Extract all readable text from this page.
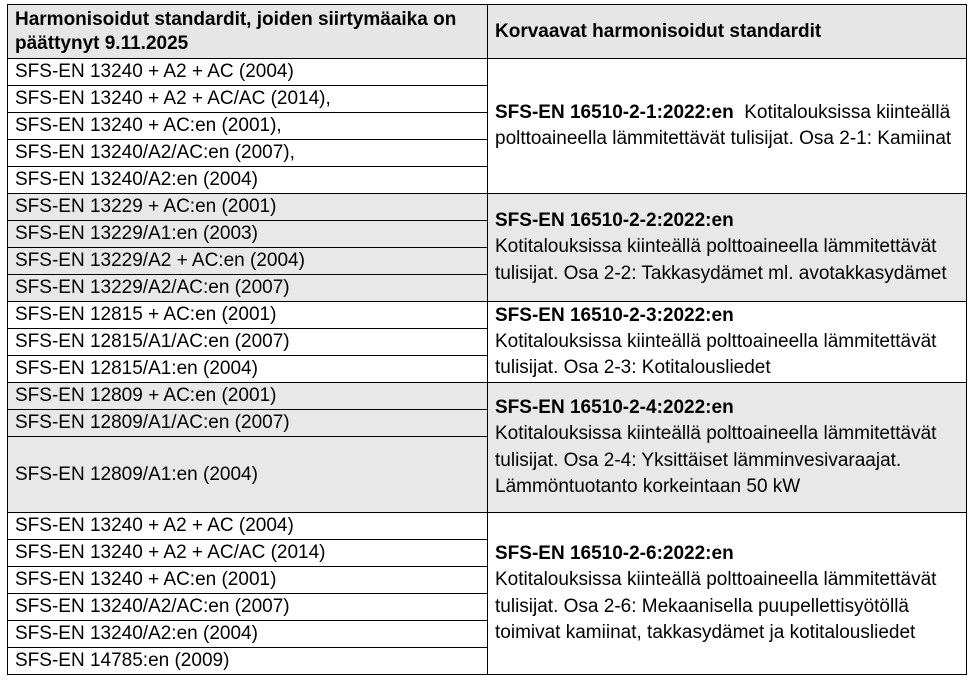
Harmonisoidut standardit, joiden siirtymäaika on päättynyt 9.11.2025	Korvaavat harmonisoidut standardit
SFS-EN 13240 + A2 + AC (2004)	SFS-EN 16510-2-1:2022:en Kotitalouksissa kiinteällä polttoaineella lämmitettävät tulisijat. Osa 2-1: Kamiinat
SFS-EN 13240 + A2 + AC/AC (2014),	
SFS-EN 13240 + AC:en (2001),	
SFS-EN 13240/A2/AC:en (2007),	
SFS-EN 13240/A2:en (2004)	
SFS-EN 13229 + AC:en (2001)	SFS-EN 16510-2-2:2022:en
Kotitalouksissa kiinteällä polttoaineella lämmitettävät tulisijat. Osa 2-2: Takkasydämet ml. avotakkasydämet
SFS-EN 13229/A1:en (2003)	
SFS-EN 13229/A2 + AC:en (2004)	
SFS-EN 13229/A2/AC:en (2007)	
SFS-EN 12815 + AC:en (2001)	SFS-EN 16510-2-3:2022:en
Kotitalouksissa kiinteällä polttoaineella lämmitettävät tulisijat. Osa 2-3: Kotitalousliedet
SFS-EN 12815/A1/AC:en (2007)	
SFS-EN 12815/A1:en (2004)	
SFS-EN 12809 + AC:en (2001)	SFS-EN 16510-2-4:2022:en
Kotitalouksissa kiinteällä polttoaineella lämmitettävät tulisijat. Osa 2-4: Yksittäiset lämminvesivaraajat. Lämmöntuotanto korkeintaan 50 kW
SFS-EN 12809/A1/AC:en (2007)	
SFS-EN 12809/A1:en (2004)	
SFS-EN 13240 + A2 + AC (2004)	SFS-EN 16510-2-6:2022:en
Kotitalouksissa kiinteällä polttoaineella lämmitettävät tulisijat. Osa 2-6: Mekaanisella puupellettisyötöllä toimivat kamiinat, takkasydämet ja kotitalousliedet
SFS-EN 13240 + A2 + AC/AC (2014)	
SFS-EN 13240 + AC:en (2001)	
SFS-EN 13240/A2/AC:en (2007)	
SFS-EN 13240/A2:en (2004)	
SFS-EN 14785:en (2009)	
